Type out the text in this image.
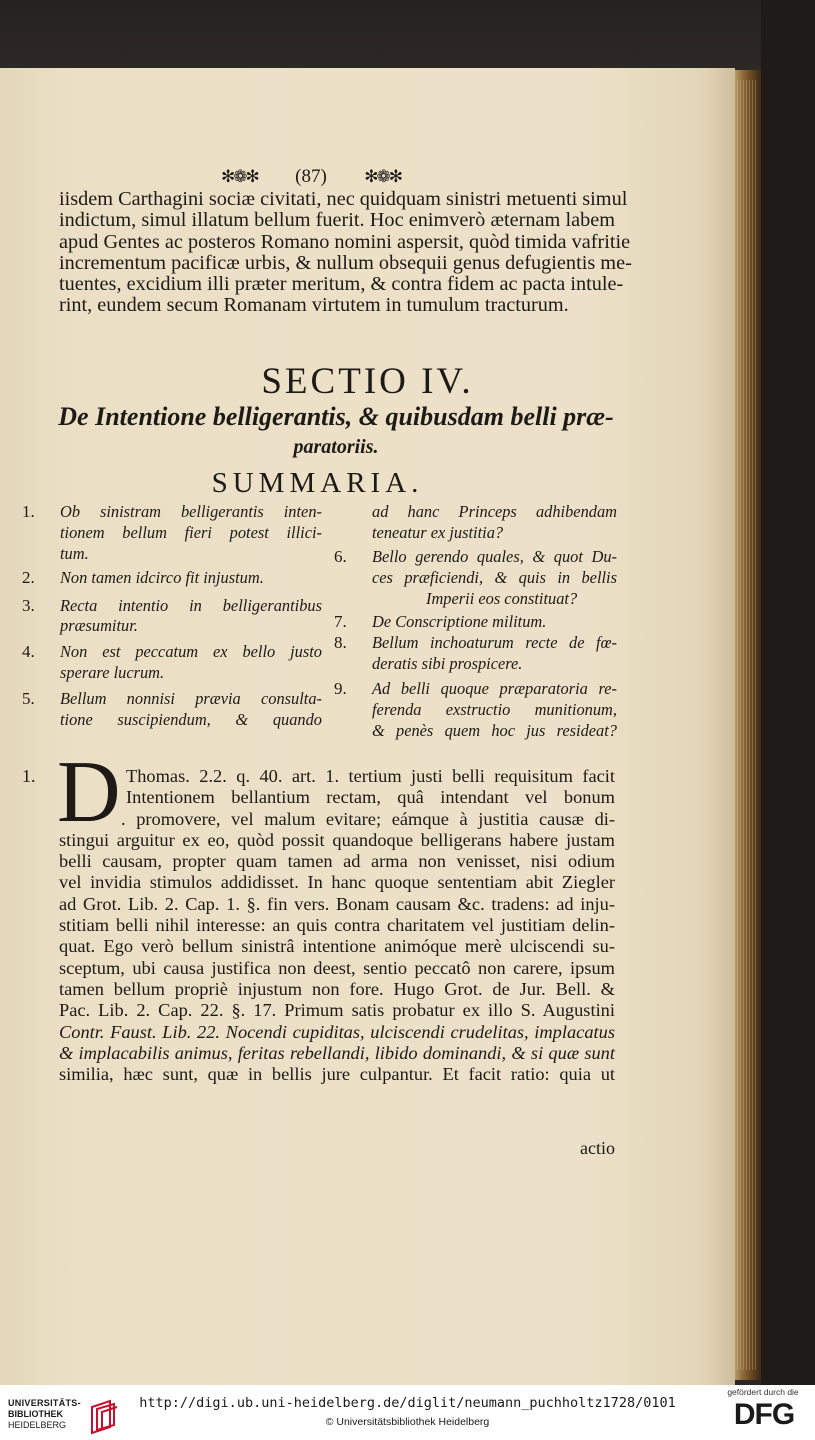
✻❁✻ (87) ✻❁✻
iisdem Carthagini sociæ civitati, nec quidquam sinistri metuenti simul
indictum, simul illatum bellum fuerit. Hoc enimverò æternam labem
apud Gentes ac posteros Romano nomini aspersit, quòd timida vafritie
incrementum pacificæ urbis, & nullum obsequii genus defugientis me-
tuentes, excidium illi præter meritum, & contra fidem ac pacta intule-
rint, eundem secum Romanam virtutem in tumulum tracturum.
SECTIO IV.
De Intentione belligerantis, & quibusdam belli præ-
paratoriis.
SUMMARIA.
1. Ob sinistram belligerantis inten-
tionem bellum fieri potest illici-
tum.
2. Non tamen idcirco fit injustum.
3. Recta intentio in belligerantibus
præsumitur.
4. Non est peccatum ex bello justo
sperare lucrum.
5. Bellum nonnisi prævia consulta-
tione suscipiendum, & quando
ad hanc Princeps adhibendam
teneatur ex justitia?
6. Bello gerendo quales, & quot Du-
ces præficiendi, & quis in bellis
Imperii eos constituat?
7. De Conscriptione militum.
8. Bellum inchoaturum recte de fœ-
deratis sibi prospicere.
9. Ad belli quoque præparatoria re-
ferenda exstructio munitionum,
& penès quem hoc jus resideat?
1. D Thomas. 2.2. q. 40. art. 1. tertium justi belli requisitum facit
Intentionem bellantium rectam, quâ intendant vel bonum
. promovere, vel malum evitare; eámque à justitia causæ di-
stingui arguitur ex eo, quòd possit quandoque belligerans habere justam
belli causam, propter quam tamen ad arma non venisset, nisi odium
vel invidia stimulos addidisset. In hanc quoque sententiam abit Ziegler
ad Grot. Lib. 2. Cap. 1. §. fin vers. Bonam causam &c. tradens: ad inju-
stitiam belli nihil interesse: an quis contra charitatem vel justitiam delin-
quat. Ego verò bellum sinistrâ intentione animóque merè ulciscendi su-
sceptum, ubi causa justifica non deest, sentio peccatô non carere, ipsum
tamen bellum propriè injustum non fore. Hugo Grot. de Jur. Bell. &
Pac. Lib. 2. Cap. 22. §. 17. Primum satis probatur ex illo S. Augustini
Contr. Faust. Lib. 22. Nocendi cupiditas, ulciscendi crudelitas, implacatus
& implacabilis animus, feritas rebellandi, libido dominandi, & si quæ sunt
similia, hæc sunt, quæ in bellis jure culpantur. Et facit ratio: quia ut
actio
UNIVERSITÄTS-
BIBLIOTHEK
HEIDELBERG
http://digi.ub.uni-heidelberg.de/diglit/neumann_puchholtz1728/0101
© Universitätsbibliothek Heidelberg
gefördert durch die
DFG
